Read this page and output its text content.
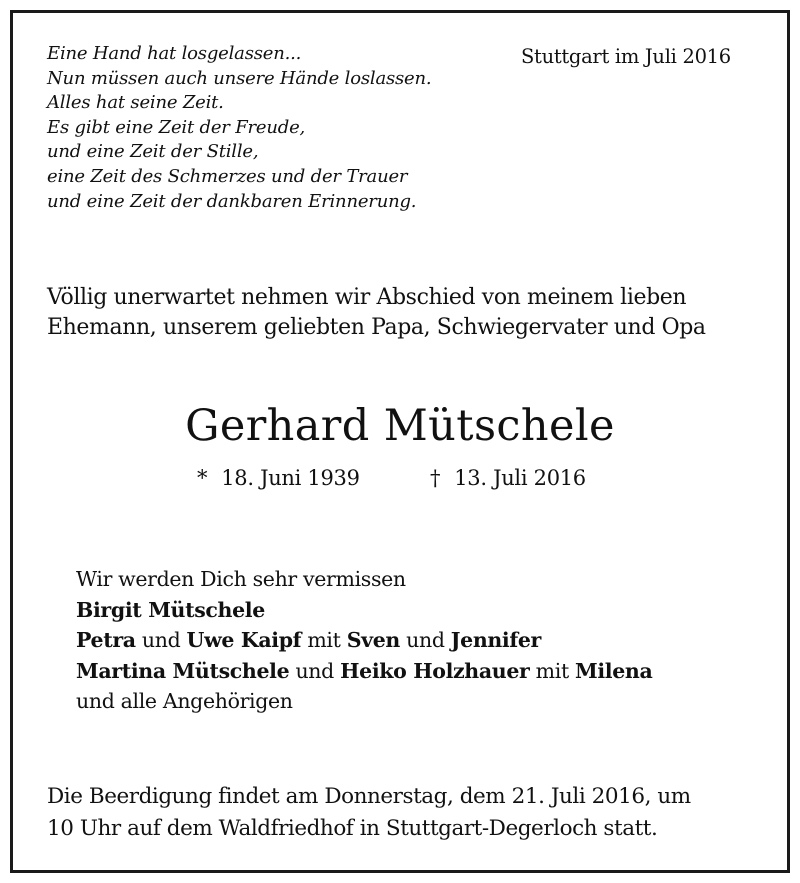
Eine Hand hat losgelassen...
Nun müssen auch unsere Hände loslassen.
Alles hat seine Zeit.
Es gibt eine Zeit der Freude,
und eine Zeit der Stille,
eine Zeit des Schmerzes und der Trauer
und eine Zeit der dankbaren Erinnerung.
Stuttgart im Juli 2016
Völlig unerwartet nehmen wir Abschied von meinem lieben
Ehemann, unserem geliebten Papa, Schwiegervater und Opa
Gerhard Mütschele
* 18. Juni 1939	† 13. Juli 2016
Wir werden Dich sehr vermissen
Birgit Mütschele
Petra und Uwe Kaipf mit Sven und Jennifer
Martina Mütschele und Heiko Holzhauer mit Milena
und alle Angehörigen
Die Beerdigung findet am Donnerstag, dem 21. Juli 2016, um
10 Uhr auf dem Waldfriedhof in Stuttgart-Degerloch statt.
